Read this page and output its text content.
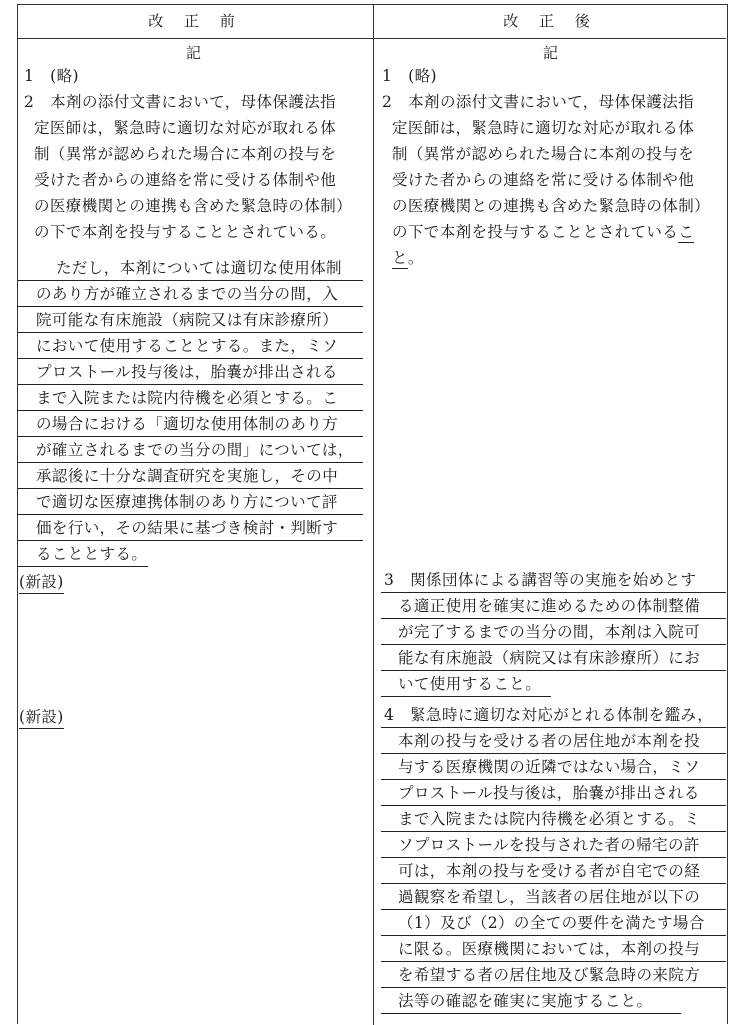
改 正 前	改 正 後
記	記
1　(略)
2　本剤の添付文書において，母体保護法指
定医師は，緊急時に適切な対応が取れる体
制（異常が認められた場合に本剤の投与を
受けた者からの連絡を常に受ける体制や他
の医療機関との連携も含めた緊急時の体制）
の下で本剤を投与することとされている。
ただし，本剤については適切な使用体制
のあり方が確立されるまでの当分の間，入
院可能な有床施設（病院又は有床診療所）
において使用することとする。また，ミソ
プロストール投与後は，胎嚢が排出される
まで入院または院内待機を必須とする。こ
の場合における「適切な使用体制のあり方
が確立されるまでの当分の間」については，
承認後に十分な調査研究を実施し，その中
で適切な医療連携体制のあり方について評
価を行い，その結果に基づき検討・判断す
ることとする。
(新設)
(新設)
1　(略)
2　本剤の添付文書において，母体保護法指
定医師は，緊急時に適切な対応が取れる体
制（異常が認められた場合に本剤の投与を
受けた者からの連絡を常に受ける体制や他
の医療機関との連携も含めた緊急時の体制）
の下で本剤を投与することとされているこ
と。
3　関係団体による講習等の実施を始めとす
る適正使用を確実に進めるための体制整備
が完了するまでの当分の間，本剤は入院可
能な有床施設（病院又は有床診療所）にお
いて使用すること。
4　緊急時に適切な対応がとれる体制を鑑み，
本剤の投与を受ける者の居住地が本剤を投
与する医療機関の近隣ではない場合，ミソ
プロストール投与後は，胎嚢が排出される
まで入院または院内待機を必須とする。ミ
ソプロストールを投与された者の帰宅の許
可は，本剤の投与を受ける者が自宅での経
過観察を希望し，当該者の居住地が以下の
（1）及び（2）の全ての要件を満たす場合
に限る。医療機関においては，本剤の投与
を希望する者の居住地及び緊急時の来院方
法等の確認を確実に実施すること。
